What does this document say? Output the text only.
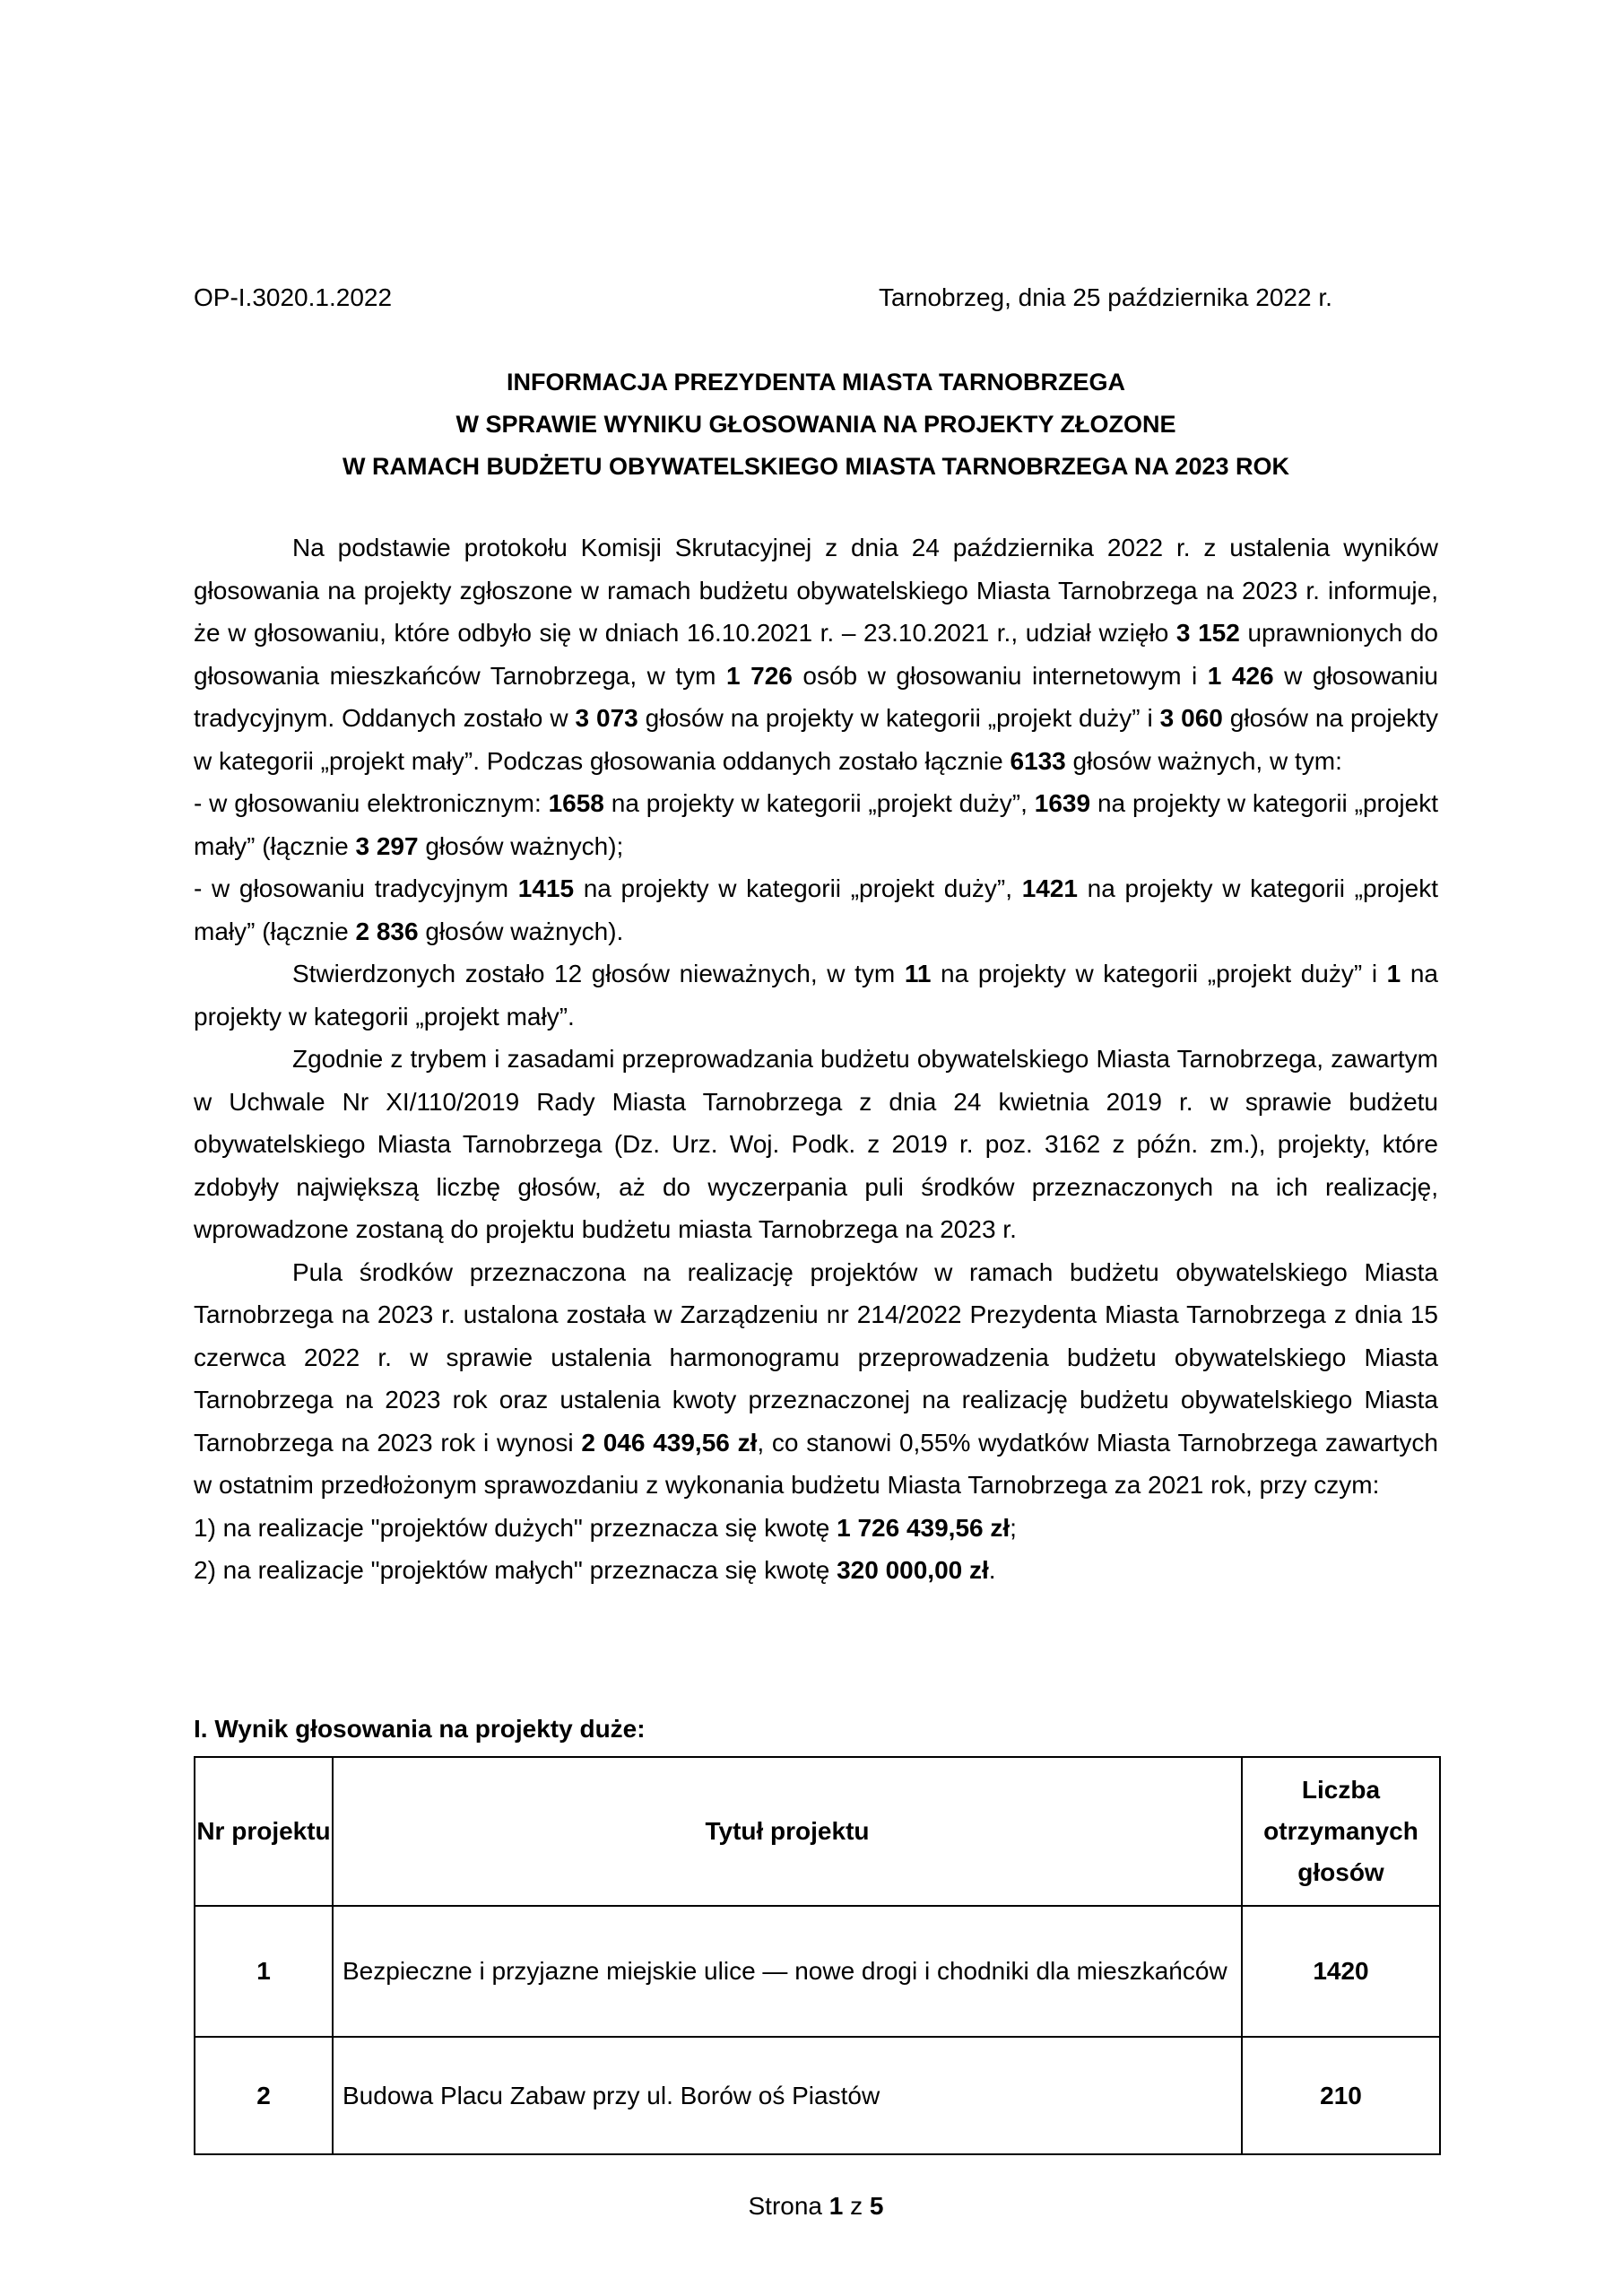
OP-I.3020.1.2022	Tarnobrzeg, dnia 25 października 2022 r.
INFORMACJA PREZYDENTA MIASTA TARNOBRZEGA
W SPRAWIE WYNIKU GŁOSOWANIA NA PROJEKTY ZŁOZONE
W RAMACH BUDŻETU OBYWATELSKIEGO MIASTA TARNOBRZEGA NA 2023 ROK

Na podstawie protokołu Komisji Skrutacyjnej z dnia 24 października 2022 r. z ustalenia wyników głosowania na projekty zgłoszone w ramach budżetu obywatelskiego Miasta Tarnobrzega na 2023 r. informuje, że w głosowaniu, które odbyło się w dniach 16.10.2021 r. – 23.10.2021 r., udział wzięło 3 152 uprawnionych do głosowania mieszkańców Tarnobrzega, w tym 1 726 osób w głosowaniu internetowym i 1 426 w głosowaniu tradycyjnym. Oddanych zostało w 3 073 głosów na projekty w kategorii „projekt duży” i 3 060 głosów na projekty w kategorii „projekt mały”. Podczas głosowania oddanych zostało łącznie 6133 głosów ważnych, w tym:

- w głosowaniu elektronicznym: 1658 na projekty w kategorii „projekt duży”, 1639 na projekty w kategorii „projekt mały” (łącznie 3 297 głosów ważnych);

- w głosowaniu tradycyjnym 1415 na projekty w kategorii „projekt duży”, 1421 na projekty w kategorii „projekt mały” (łącznie 2 836 głosów ważnych).

Stwierdzonych zostało 12 głosów nieważnych, w tym 11 na projekty w kategorii „projekt duży” i 1 na projekty w kategorii „projekt mały”.

Zgodnie z trybem i zasadami przeprowadzania budżetu obywatelskiego Miasta Tarnobrzega, zawartym w Uchwale Nr XI/110/2019 Rady Miasta Tarnobrzega z dnia 24 kwietnia 2019 r. w sprawie budżetu obywatelskiego Miasta Tarnobrzega (Dz. Urz. Woj. Podk. z 2019 r. poz. 3162 z późn. zm.), projekty, które zdobyły największą liczbę głosów, aż do wyczerpania puli środków przeznaczonych na ich realizację, wprowadzone zostaną do projektu budżetu miasta Tarnobrzega na 2023 r.

Pula środków przeznaczona na realizację projektów w ramach budżetu obywatelskiego Miasta Tarnobrzega na 2023 r. ustalona została w Zarządzeniu nr 214/2022 Prezydenta Miasta Tarnobrzega z dnia 15 czerwca 2022 r. w sprawie ustalenia harmonogramu przeprowadzenia budżetu obywatelskiego Miasta Tarnobrzega na 2023 rok oraz ustalenia kwoty przeznaczonej na realizację budżetu obywatelskiego Miasta Tarnobrzega na 2023 rok i wynosi 2 046 439,56 zł, co stanowi 0,55% wydatków Miasta Tarnobrzega zawartych w ostatnim przedłożonym sprawozdaniu z wykonania budżetu Miasta Tarnobrzega za 2021 rok, przy czym:

1) na realizacje "projektów dużych" przeznacza się kwotę 1 726 439,56 zł;

2) na realizacje "projektów małych" przeznacza się kwotę 320 000,00 zł.

I. Wynik głosowania na projekty duże:
Nr projektu	Tytuł projektu	Liczba otrzymanych głosów
1	Bezpieczne i przyjazne miejskie ulice — nowe drogi i chodniki dla mieszkańców	1420
2	Budowa Placu Zabaw przy ul. Borów oś Piastów	210
Strona 1 z 5
